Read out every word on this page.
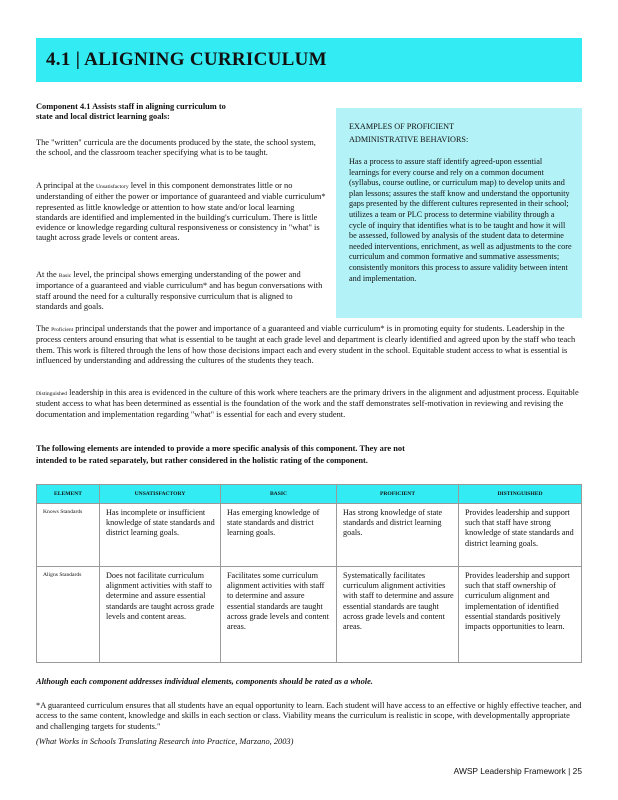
4.1 | ALIGNING CURRICULUM

Component 4.1 Assists staff in aligning curriculum to
state and local district learning goals:

The "written" curricula are the documents produced by the state, the school system, the school, and the classroom teacher specifying what is to be taught.

A principal at the Unsatisfactory level in this component demonstrates little or no understanding of either the power or importance of guaranteed and viable curriculum* represented as little knowledge or attention to how state and/or local learning standards are identified and implemented in the building's curriculum. There is little evidence or knowledge regarding cultural responsiveness or consistency in "what" is taught across grade levels or content areas.

At the Basic level, the principal shows emerging understanding of the power and importance of a guaranteed and viable curriculum* and has begun conversations with staff around the need for a culturally responsive curriculum that is aligned to standards and goals.

EXAMPLES OF PROFICIENT
ADMINISTRATIVE BEHAVIORS:

Has a process to assure staff identify agreed-upon essential learnings for every course and rely on a common document (syllabus, course outline, or curriculum map) to develop units and plan lessons; assures the staff know and understand the opportunity gaps presented by the different cultures represented in their school; utilizes a team or PLC process to determine viability through a cycle of inquiry that identifies what is to be taught and how it will be assessed, followed by analysis of the student data to determine needed interventions, enrichment, as well as adjustments to the core curriculum and common formative and summative assessments; consistently monitors this process to assure validity between intent and implementation.

The Proficient principal understands that the power and importance of a guaranteed and viable curriculum* is in promoting equity for students. Leadership in the process centers around ensuring that what is essential to be taught at each grade level and department is clearly identified and agreed upon by the staff who teach them. This work is filtered through the lens of how those decisions impact each and every student in the school. Equitable student access to what is essential is influenced by understanding and addressing the cultures of the students they teach.

Distinguished leadership in this area is evidenced in the culture of this work where teachers are the primary drivers in the alignment and adjustment process. Equitable student access to what has been determined as essential is the foundation of the work and the staff demonstrates self-motivation in reviewing and revising the documentation and implementation regarding "what" is essential for each and every student.

The following elements are intended to provide a more specific analysis of this component. They are not
intended to be rated separately, but rather considered in the holistic rating of the component.

ELEMENT	UNSATISFACTORY	BASIC	PROFICIENT	DISTINGUISHED
Knows Standards	Has incomplete or insufficient knowledge of state standards and district learning goals.	Has emerging knowledge of state standards and district learning goals.	Has strong knowledge of state standards and district learning goals.	Provides leadership and support such that staff have strong knowledge of state standards and district learning goals.
Aligns Standards	Does not facilitate curriculum alignment activities with staff to determine and assure essential standards are taught across grade levels and content areas.	Facilitates some curriculum alignment activities with staff to determine and assure essential standards are taught across grade levels and content areas.	Systematically facilitates curriculum alignment activities with staff to determine and assure essential standards are taught across grade levels and content areas.	Provides leadership and support such that staff ownership of curriculum alignment and implementation of identified essential standards positively impacts opportunities to learn.
Although each component addresses individual elements, components should be rated as a whole.

*A guaranteed curriculum ensures that all students have an equal opportunity to learn. Each student will have access to an effective or highly effective teacher, and access to the same content, knowledge and skills in each section or class. Viability means the curriculum is realistic in scope, with developmentally appropriate and challenging targets for students."

(What Works in Schools Translating Research into Practice, Marzano, 2003)

AWSP Leadership Framework | 25
